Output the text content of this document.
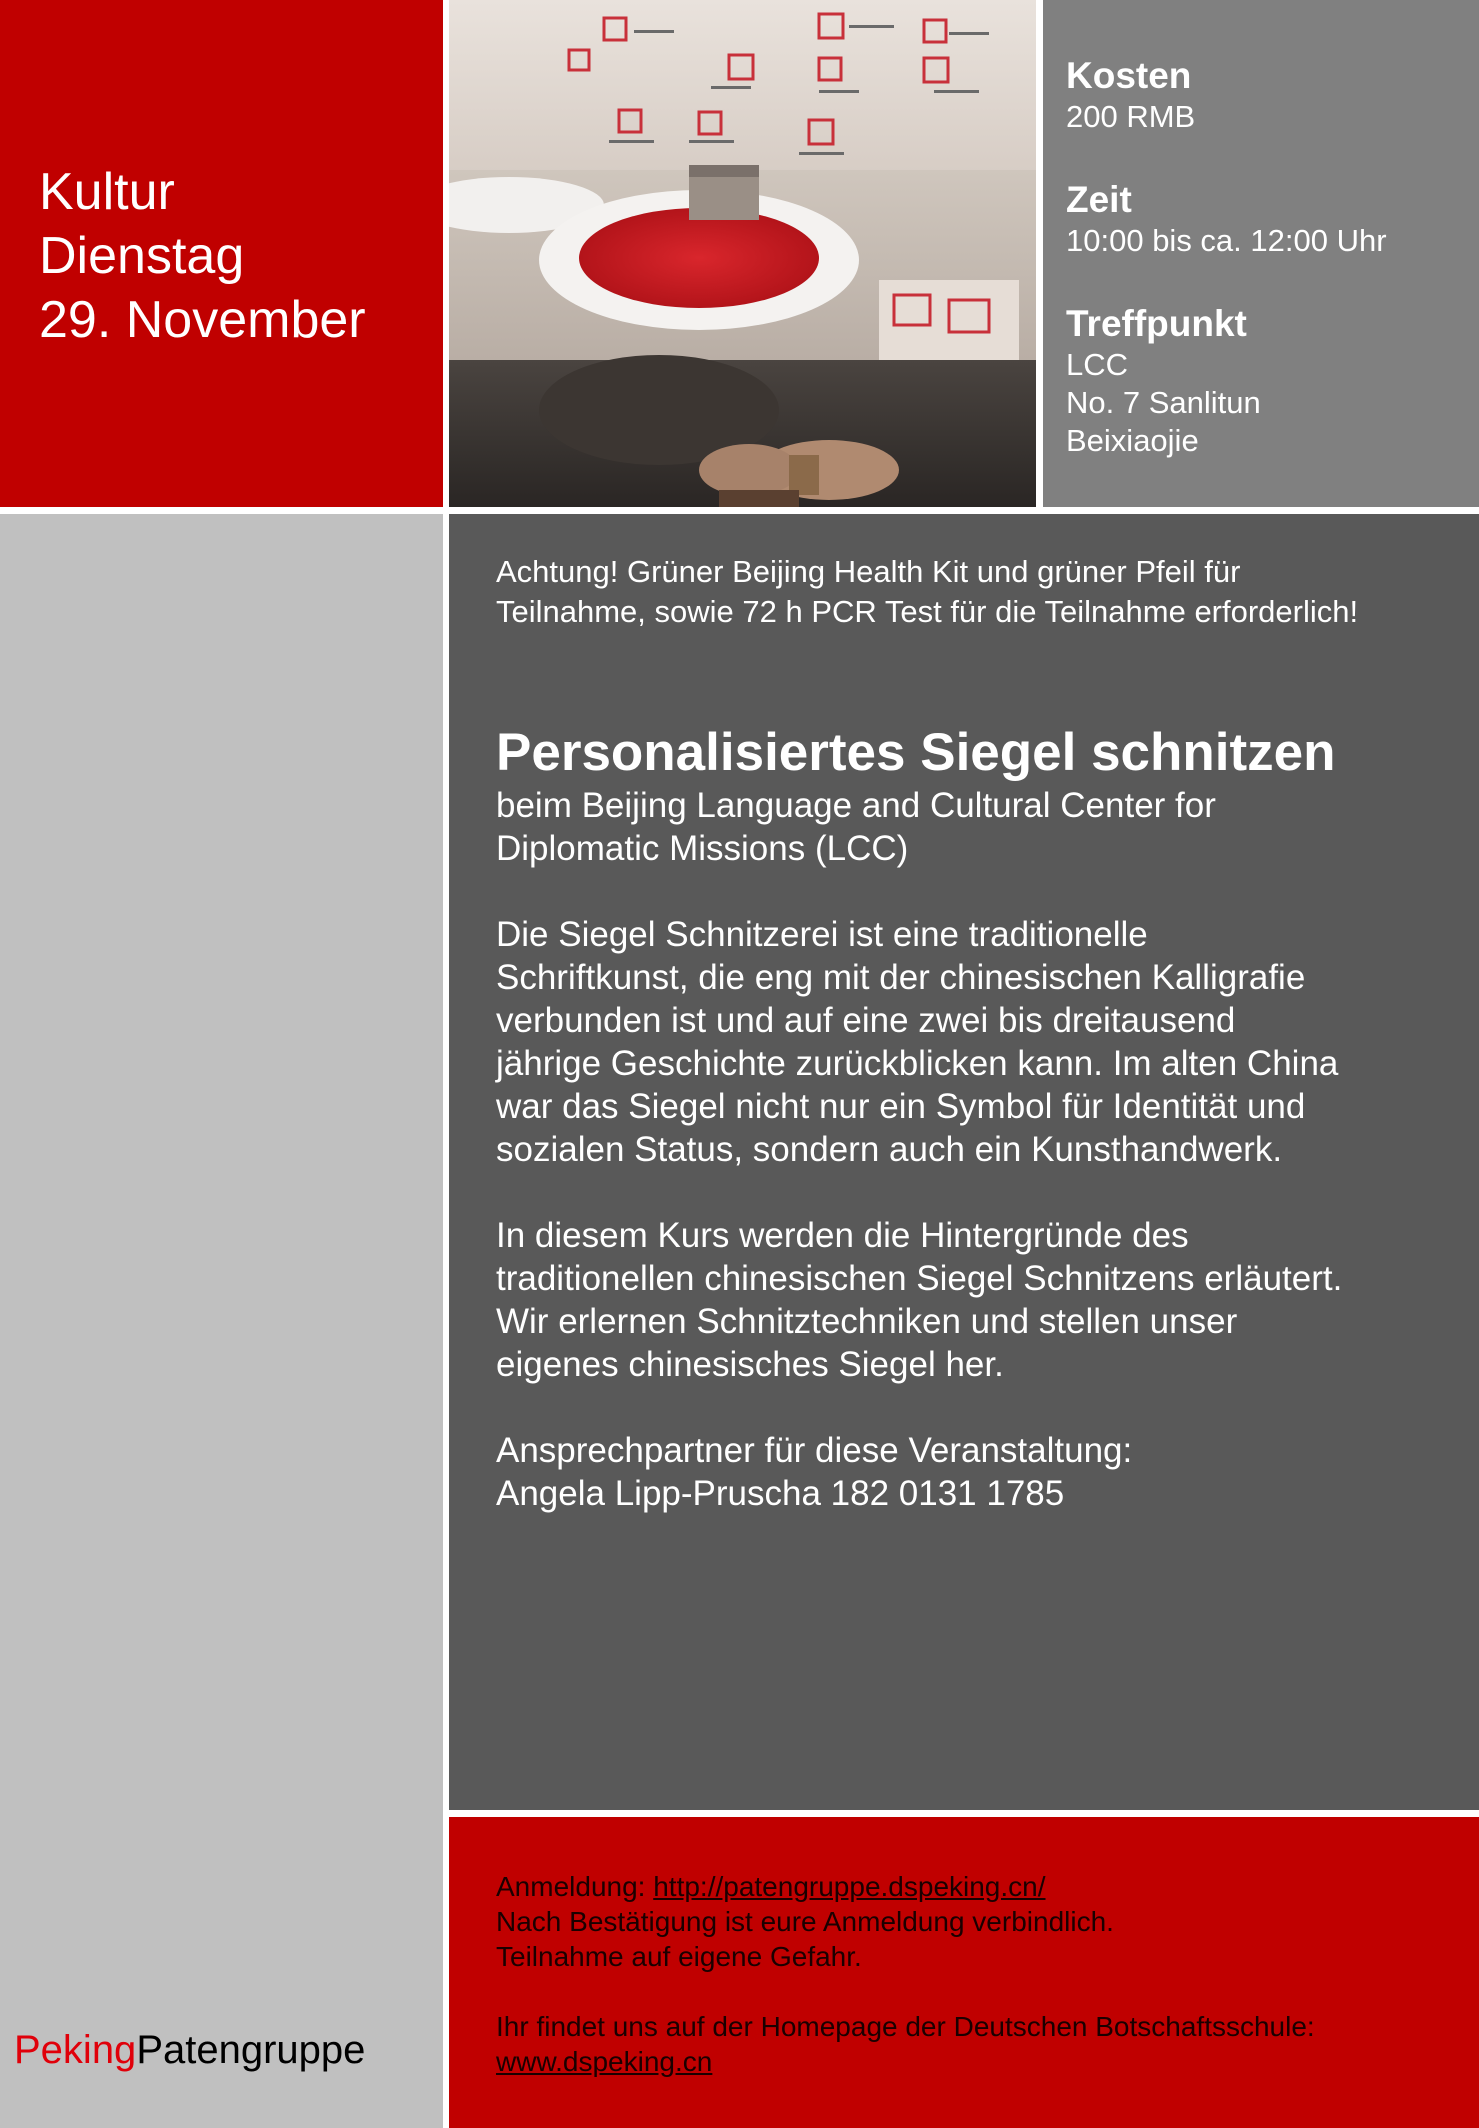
Kultur
Dienstag
29. November
Kosten
200 RMB
Zeit
10:00 bis ca. 12:00 Uhr
Treffpunkt
LCC
No. 7 Sanlitun
Beixiaojie
Achtung! Grüner Beijing Health Kit und grüner Pfeil für
Teilnahme, sowie 72 h PCR Test für die Teilnahme erforderlich!
Personalisiertes Siegel schnitzen
beim Beijing Language and Cultural Center for
Diplomatic Missions (LCC)
Die Siegel Schnitzerei ist eine traditionelle
Schriftkunst, die eng mit der chinesischen Kalligrafie
verbunden ist und auf eine zwei bis dreitausend
jährige Geschichte zurückblicken kann. Im alten China
war das Siegel nicht nur ein Symbol für Identität und
sozialen Status, sondern auch ein Kunsthandwerk.
In diesem Kurs werden die Hintergründe des
traditionellen chinesischen Siegel Schnitzens erläutert.
Wir erlernen Schnitztechniken und stellen unser
eigenes chinesisches Siegel her.
Ansprechpartner für diese Veranstaltung:
Angela Lipp-Pruscha 182 0131 1785
Anmeldung: http://patengruppe.dspeking.cn/
Nach Bestätigung ist eure Anmeldung verbindlich.
Teilnahme auf eigene Gefahr.
Ihr findet uns auf der Homepage der Deutschen Botschaftsschule:
www.dspeking.cn
PekingPatengruppe
